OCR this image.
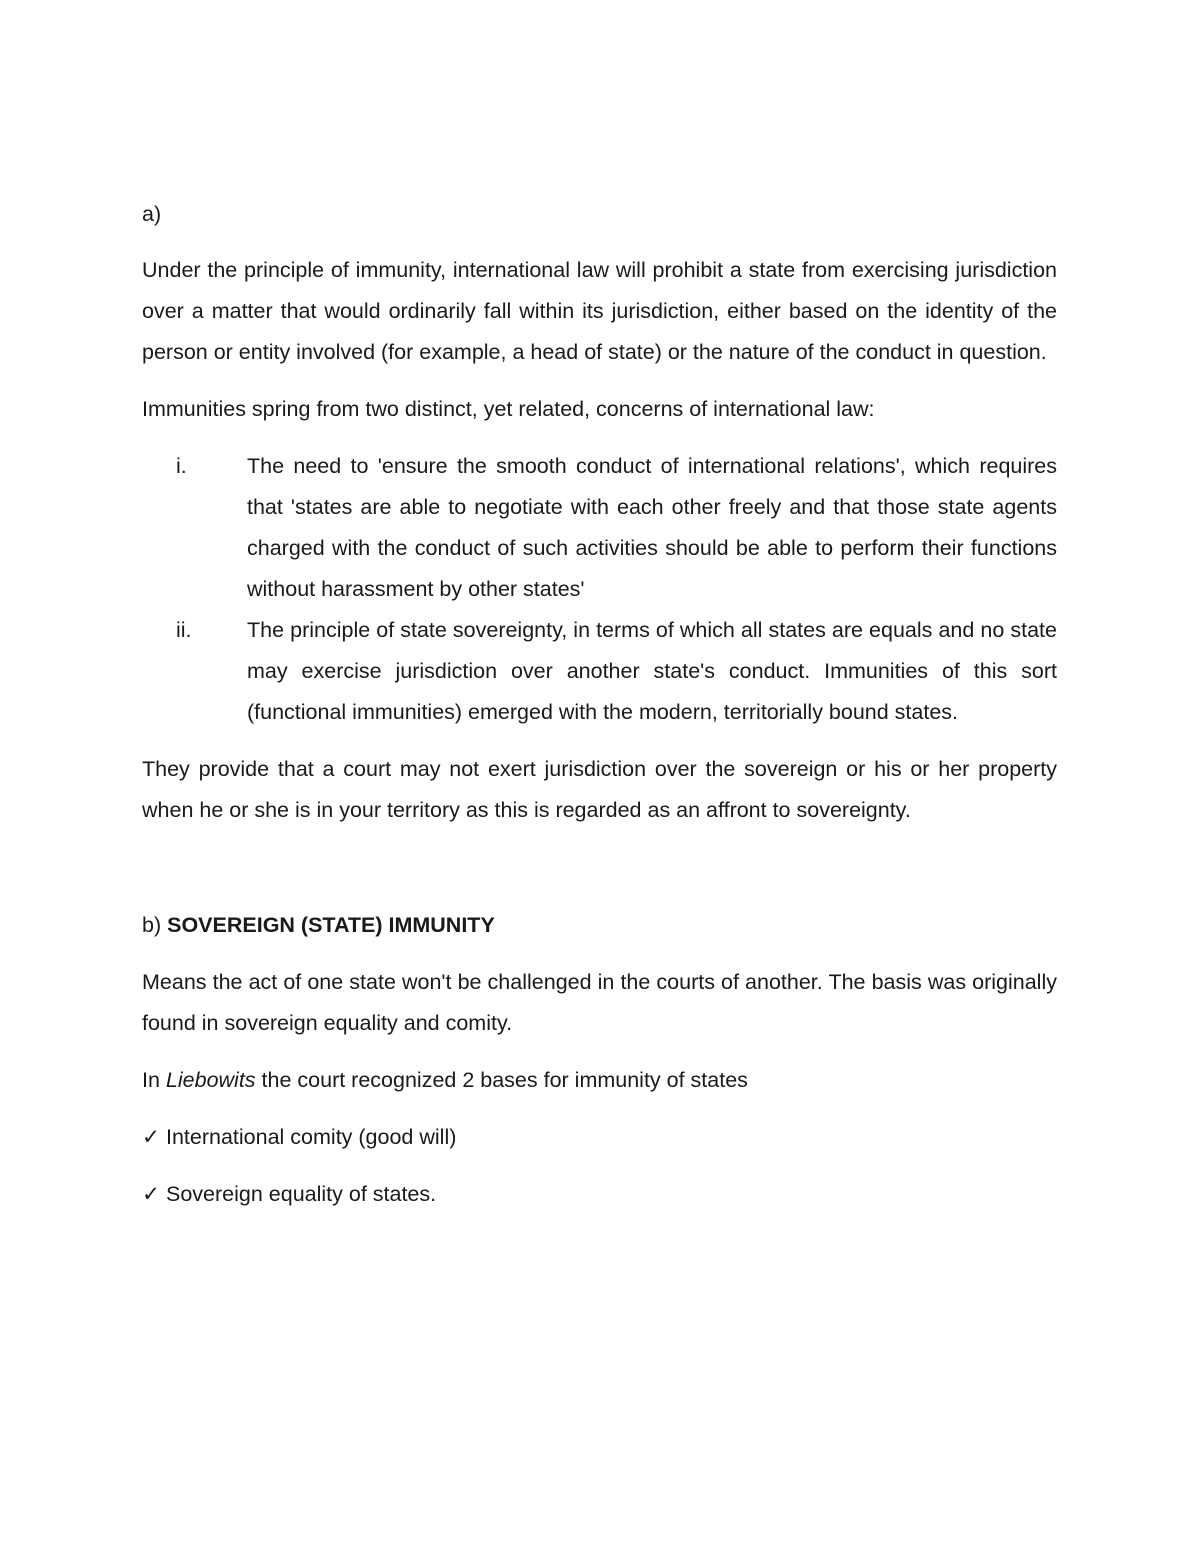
a)

Under the principle of immunity, international law will prohibit a state from exercising jurisdiction over a matter that would ordinarily fall within its jurisdiction, either based on the identity of the person or entity involved (for example, a head of state) or the nature of the conduct in question.

Immunities spring from two distinct, yet related, concerns of international law:

i.	The need to 'ensure the smooth conduct of international relations', which requires that 'states are able to negotiate with each other freely and that those state agents charged with the conduct of such activities should be able to perform their functions without harassment by other states'
ii.	The principle of state sovereignty, in terms of which all states are equals and no state may exercise jurisdiction over another state's conduct. Immunities of this sort (functional immunities) emerged with the modern, territorially bound states.

They provide that a court may not exert jurisdiction over the sovereign or his or her property when he or she is in your territory as this is regarded as an affront to sovereignty.

b) SOVEREIGN (STATE) IMMUNITY

Means the act of one state won't be challenged in the courts of another. The basis was originally found in sovereign equality and comity.

In Liebowits the court recognized 2 bases for immunity of states

✓ International comity (good will)
✓ Sovereign equality of states.
